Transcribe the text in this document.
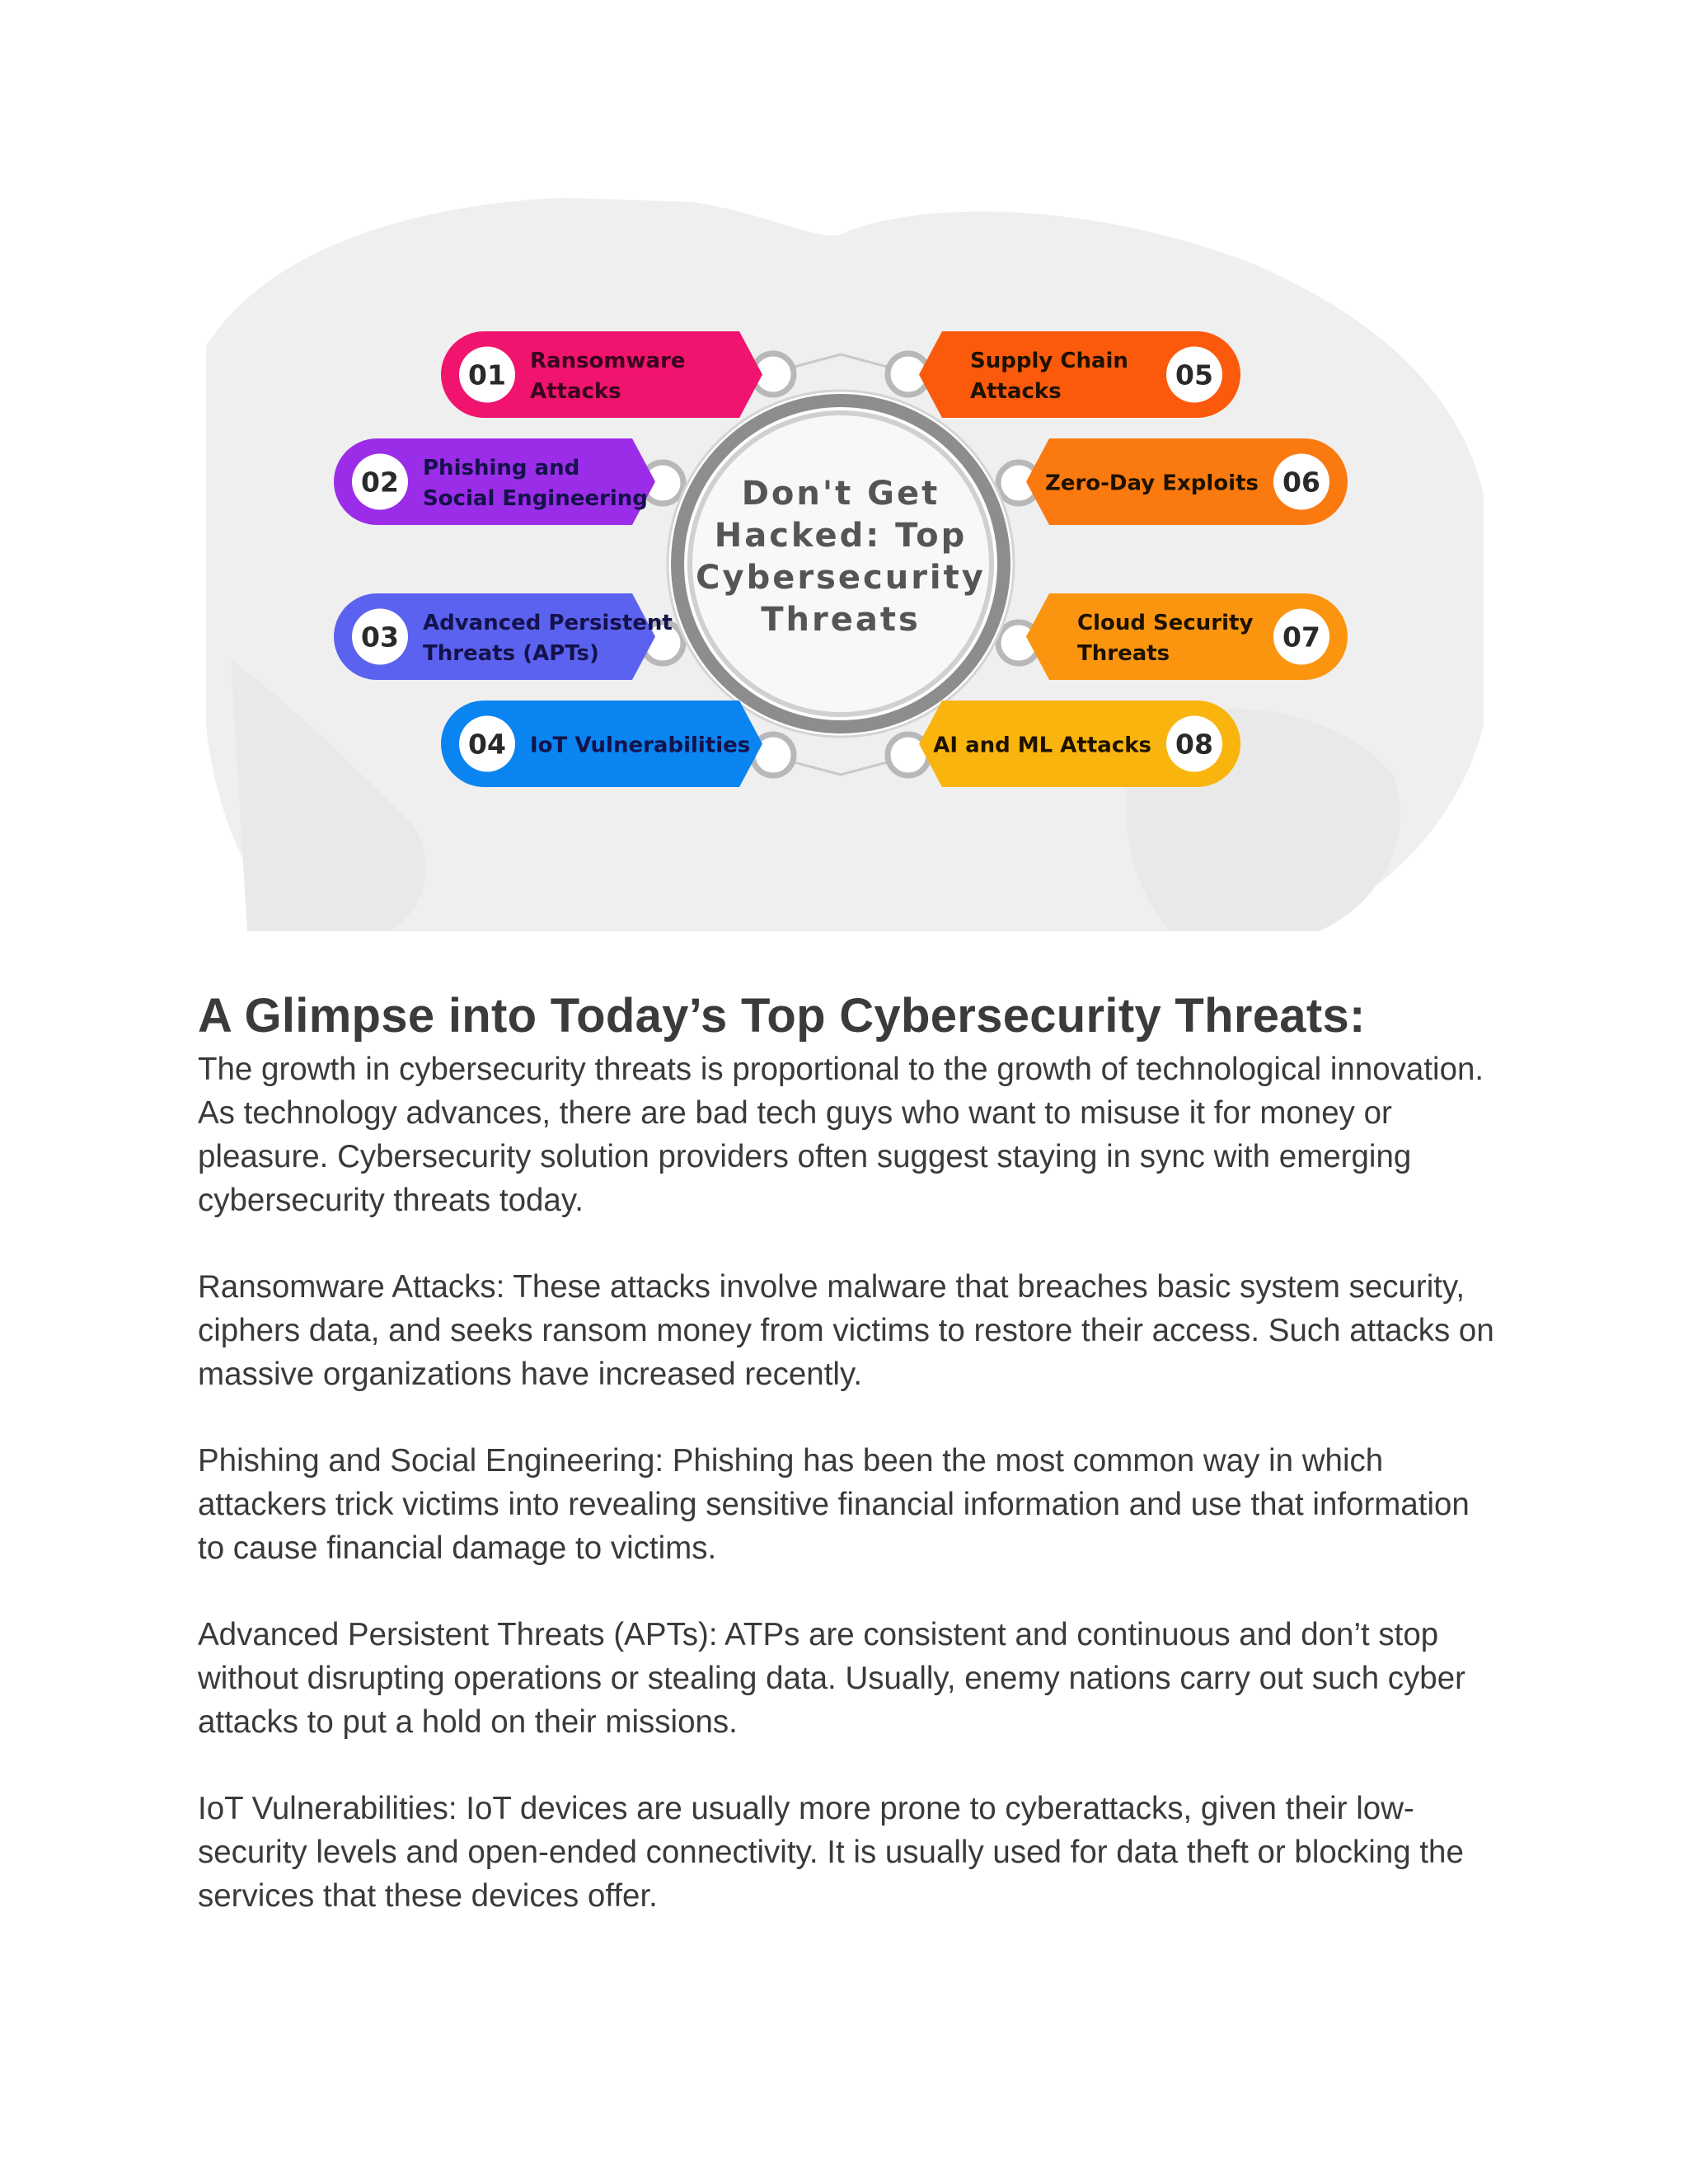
Don't Get
Hacked: Top
Cybersecurity
Threats
01 Ransomware
Attacks
02 Phishing and
Social Engineering
03 Advanced Persistent
Threats (APTs)
04 IoT Vulnerabilities
05
Supply Chain
Attacks
06
Zero-Day Exploits
07
Cloud Security
Threats
08
AI and ML Attacks
A Glimpse into Today’s Top Cybersecurity Threats:

The growth in cybersecurity threats is proportional to the growth of technological innovation. As technology advances, there are bad tech guys who want to misuse it for money or pleasure. Cybersecurity solution providers often suggest staying in sync with emerging cybersecurity threats today.

Ransomware Attacks: These attacks involve malware that breaches basic system security, ciphers data, and seeks ransom money from victims to restore their access. Such attacks on massive organizations have increased recently.

Phishing and Social Engineering: Phishing has been the most common way in which attackers trick victims into revealing sensitive financial information and use that information to cause financial damage to victims.

Advanced Persistent Threats (APTs): ATPs are consistent and continuous and don’t stop without disrupting operations or stealing data. Usually, enemy nations carry out such cyber attacks to put a hold on their missions.

IoT Vulnerabilities: IoT devices are usually more prone to cyberattacks, given their low-security levels and open-ended connectivity. It is usually used for data theft or blocking the services that these devices offer.
